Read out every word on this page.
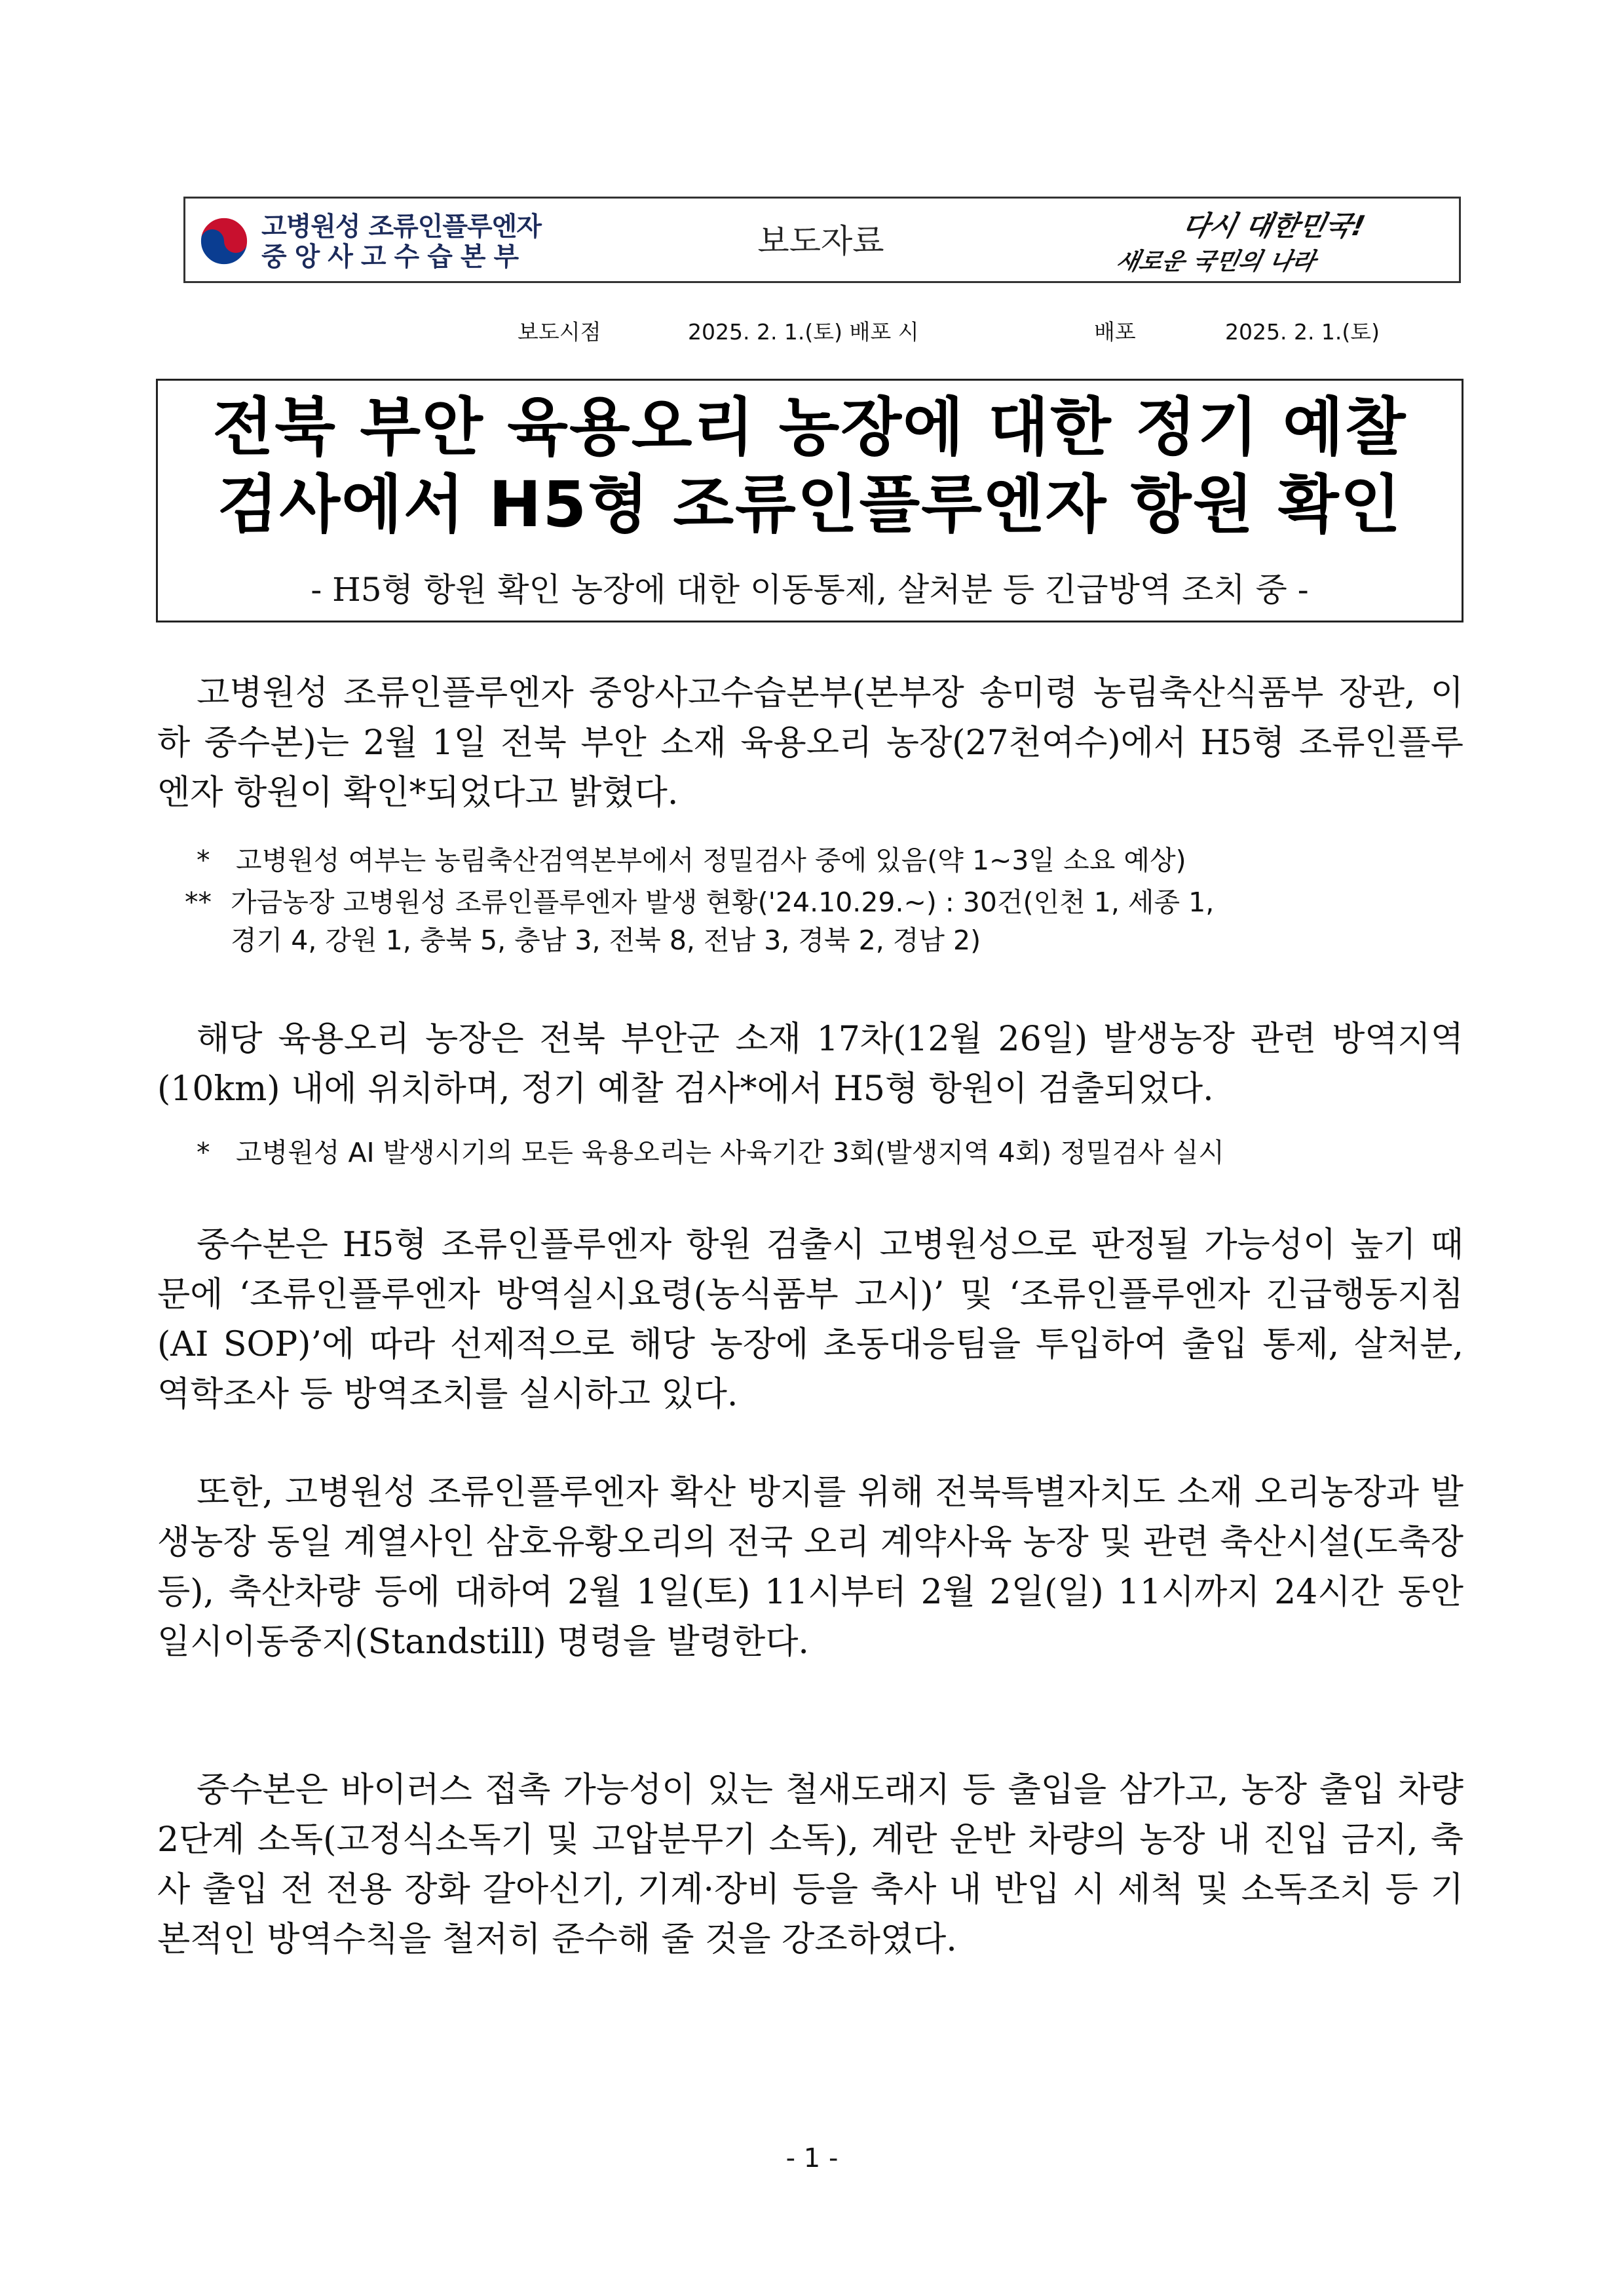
고병원성 조류인플루엔자
중앙사고수습본부	보도자료	다시 대한민국!
새로운 국민의 나라
보도시점	2025. 2. 1.(토) 배포 시	배포	2025. 2. 1.(토)
전북 부안 육용오리 농장에 대한 정기 예찰
검사에서 H5형 조류인플루엔자 항원 확인
- H5형 항원 확인 농장에 대한 이동통제, 살처분 등 긴급방역 조치 중 -
고병원성 조류인플루엔자 중앙사고수습본부(본부장 송미령 농림축산식품부 장관, 이하 중수본)는 2월 1일 전북 부안 소재 육용오리 농장(27천여수)에서 H5형 조류인플루엔자 항원이 확인*되었다고 밝혔다.
* 고병원성 여부는 농림축산검역본부에서 정밀검사 중에 있음(약 1~3일 소요 예상)
** 가금농장 고병원성 조류인플루엔자 발생 현황('24.10.29.~) : 30건(인천 1, 세종 1,
경기 4, 강원 1, 충북 5, 충남 3, 전북 8, 전남 3, 경북 2, 경남 2)
해당 육용오리 농장은 전북 부안군 소재 17차(12월 26일) 발생농장 관련 방역지역(10km) 내에 위치하며, 정기 예찰 검사*에서 H5형 항원이 검출되었다.
* 고병원성 AI 발생시기의 모든 육용오리는 사육기간 3회(발생지역 4회) 정밀검사 실시
중수본은 H5형 조류인플루엔자 항원 검출시 고병원성으로 판정될 가능성이 높기 때문에 ‘조류인플루엔자 방역실시요령(농식품부 고시)’ 및 ‘조류인플루엔자 긴급행동지침(AI SOP)’에 따라 선제적으로 해당 농장에 초동대응팀을 투입하여 출입 통제, 살처분, 역학조사 등 방역조치를 실시하고 있다.
또한, 고병원성 조류인플루엔자 확산 방지를 위해 전북특별자치도 소재 오리농장과 발생농장 동일 계열사인 삼호유황오리의 전국 오리 계약사육 농장 및 관련 축산시설(도축장 등), 축산차량 등에 대하여 2월 1일(토) 11시부터 2월 2일(일) 11시까지 24시간 동안 일시이동중지(Standstill) 명령을 발령한다.
중수본은 바이러스 접촉 가능성이 있는 철새도래지 등 출입을 삼가고, 농장 출입 차량 2단계 소독(고정식소독기 및 고압분무기 소독), 계란 운반 차량의 농장 내 진입 금지, 축사 출입 전 전용 장화 갈아신기, 기계·장비 등을 축사 내 반입 시 세척 및 소독조치 등 기본적인 방역수칙을 철저히 준수해 줄 것을 강조하였다.
- 1 -
